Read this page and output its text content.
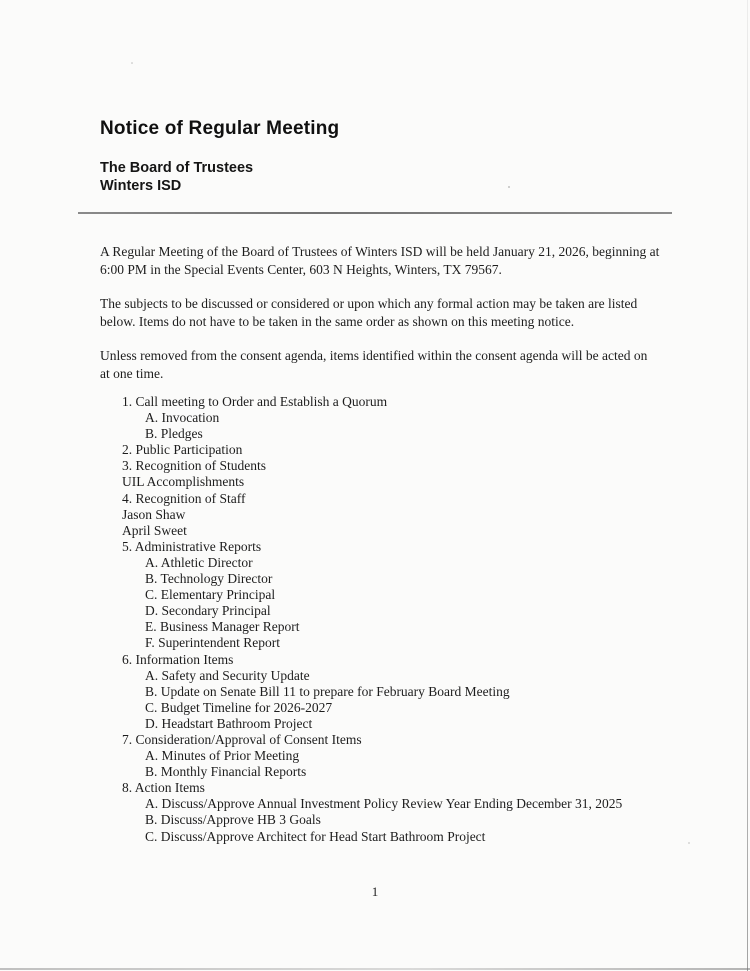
Notice of Regular Meeting
The Board of Trustees
Winters ISD

A Regular Meeting of the Board of Trustees of Winters ISD will be held January 21, 2026, beginning at 6:00 PM in the Special Events Center, 603 N Heights, Winters, TX 79567.

The subjects to be discussed or considered or upon which any formal action may be taken are listed below. Items do not have to be taken in the same order as shown on this meeting notice.

Unless removed from the consent agenda, items identified within the consent agenda will be acted on at one time.

1. Call meeting to Order and Establish a Quorum
A. Invocation
B. Pledges
2. Public Participation
3. Recognition of Students
UIL Accomplishments
4. Recognition of Staff
Jason Shaw
April Sweet
5. Administrative Reports
A. Athletic Director
B. Technology Director
C. Elementary Principal
D. Secondary Principal
E. Business Manager Report
F. Superintendent Report
6. Information Items
A. Safety and Security Update
B. Update on Senate Bill 11 to prepare for February Board Meeting
C. Budget Timeline for 2026-2027
D. Headstart Bathroom Project
7. Consideration/Approval of Consent Items
A. Minutes of Prior Meeting
B. Monthly Financial Reports
8. Action Items
A. Discuss/Approve Annual Investment Policy Review Year Ending December 31, 2025
B. Discuss/Approve HB 3 Goals
C. Discuss/Approve Architect for Head Start Bathroom Project
1
